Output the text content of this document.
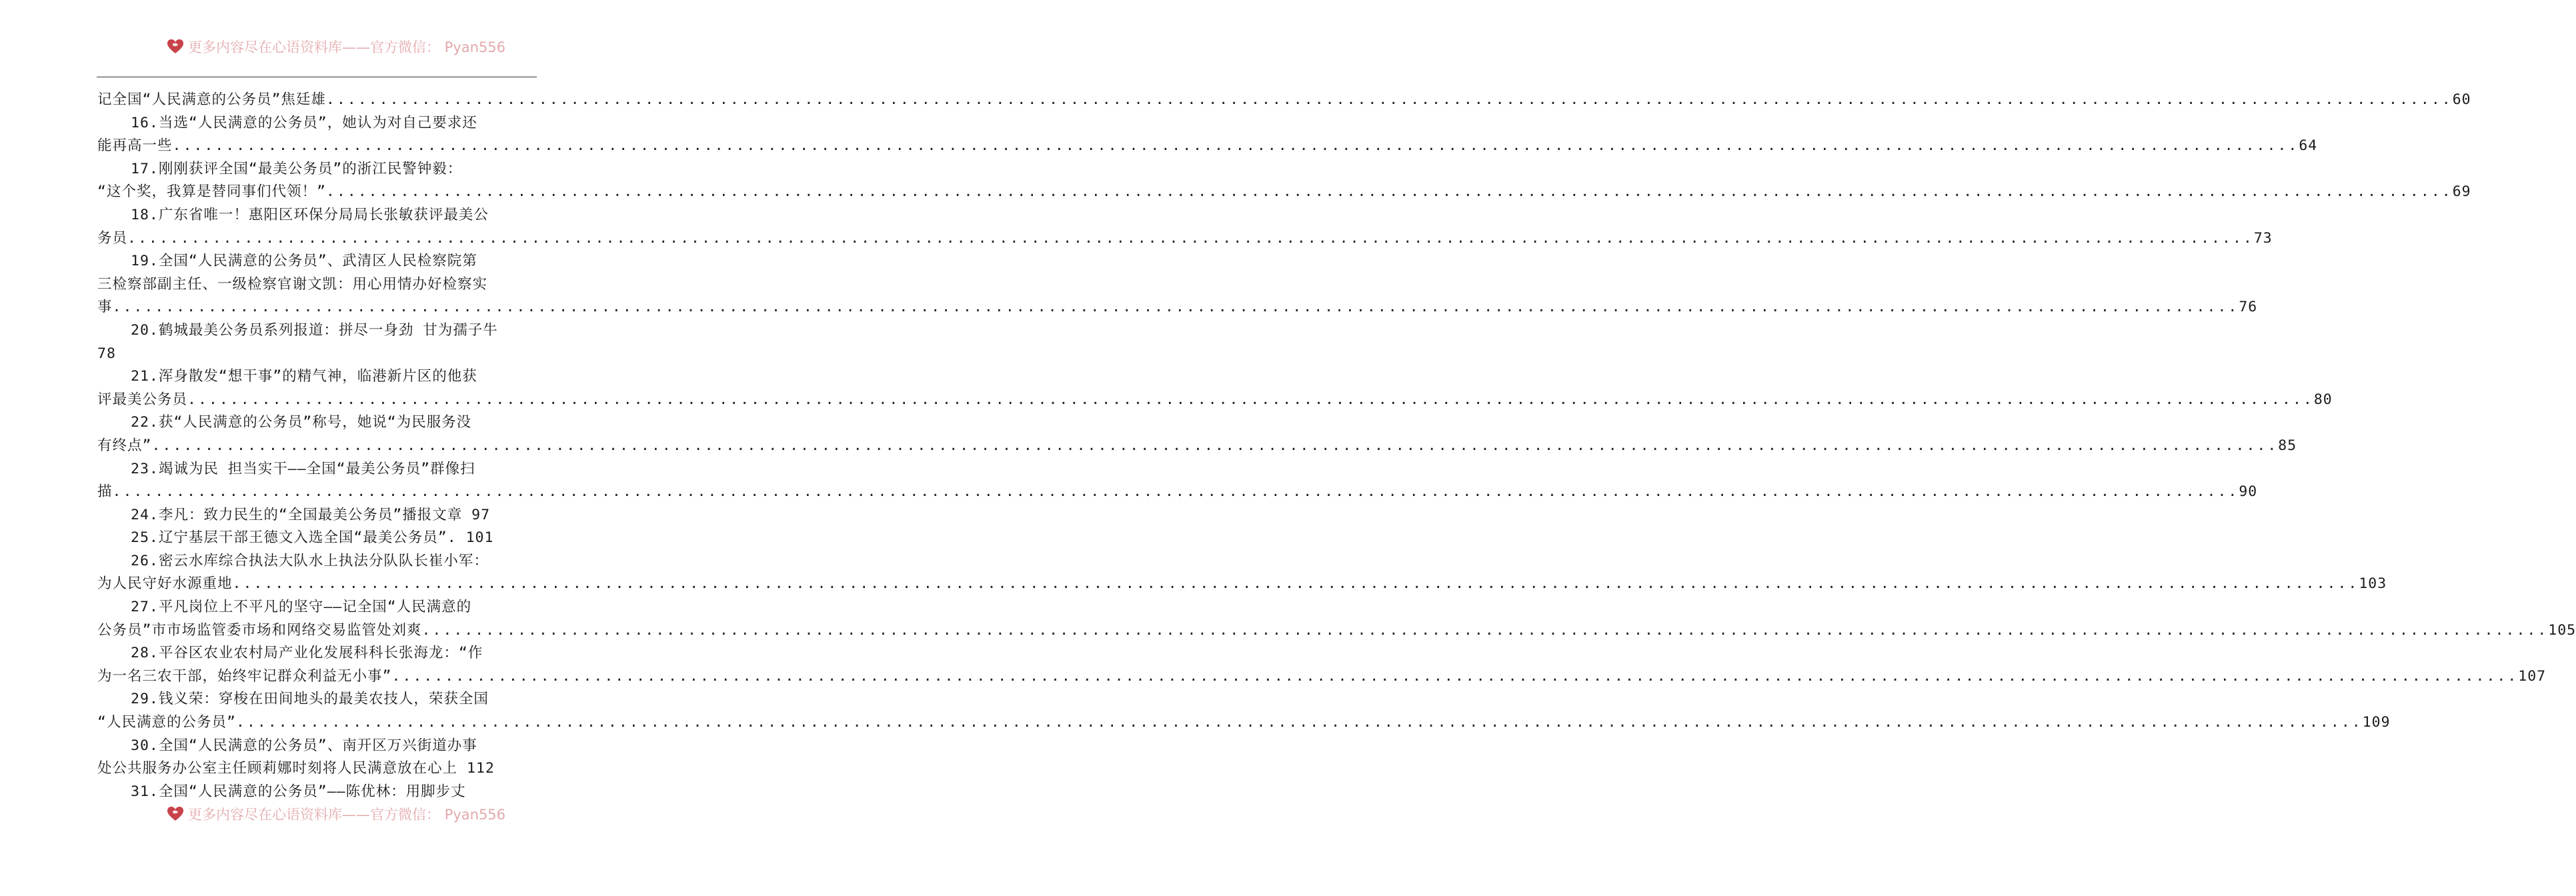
更多内容尽在心语资料库——官方微信： Pyan556
记全国“人民满意的公务员”焦廷雄 ........................................................................................................................................................................................................ 60
16.当选“人民满意的公务员”，她认为对自己要求还
能再高一些 ........................................................................................................................................................................................................ 64
17.刚刚获评全国“最美公务员”的浙江民警钟毅：
“这个奖，我算是替同事们代领！” ........................................................................................................................................................................................................ 69
18.广东省唯一！惠阳区环保分局局长张敏获评最美公
务员 ........................................................................................................................................................................................................ 73
19.全国“人民满意的公务员”、武清区人民检察院第
三检察部副主任、一级检察官谢文凯：用心用情办好检察实
事 ........................................................................................................................................................................................................ 76
20.鹤城最美公务员系列报道：拼尽一身劲 甘为孺子牛
78
21.浑身散发“想干事”的精气神，临港新片区的他获
评最美公务员 ........................................................................................................................................................................................................ 80
22.获“人民满意的公务员”称号，她说“为民服务没
有终点” ........................................................................................................................................................................................................ 85
23.竭诚为民 担当实干——全国“最美公务员”群像扫
描 ........................................................................................................................................................................................................ 90
24.李凡：致力民生的“全国最美公务员”播报文章 97
25.辽宁基层干部王德文入选全国“最美公务员”. 101
26.密云水库综合执法大队水上执法分队队长崔小军：
为人民守好水源重地 ........................................................................................................................................................................................................ 103
27.平凡岗位上不平凡的坚守——记全国“人民满意的
公务员”市市场监管委市场和网络交易监管处刘爽 ........................................................................................................................................................................................................ 105
28.平谷区农业农村局产业化发展科科长张海龙：“作
为一名三农干部，始终牢记群众利益无小事” ........................................................................................................................................................................................................ 107
29.钱义荣：穿梭在田间地头的最美农技人，荣获全国
“人民满意的公务员” ........................................................................................................................................................................................................ 109
30.全国“人民满意的公务员”、南开区万兴街道办事
处公共服务办公室主任顾莉娜时刻将人民满意放在心上 112
31.全国“人民满意的公务员”——陈优林：用脚步丈
更多内容尽在心语资料库——官方微信： Pyan556
